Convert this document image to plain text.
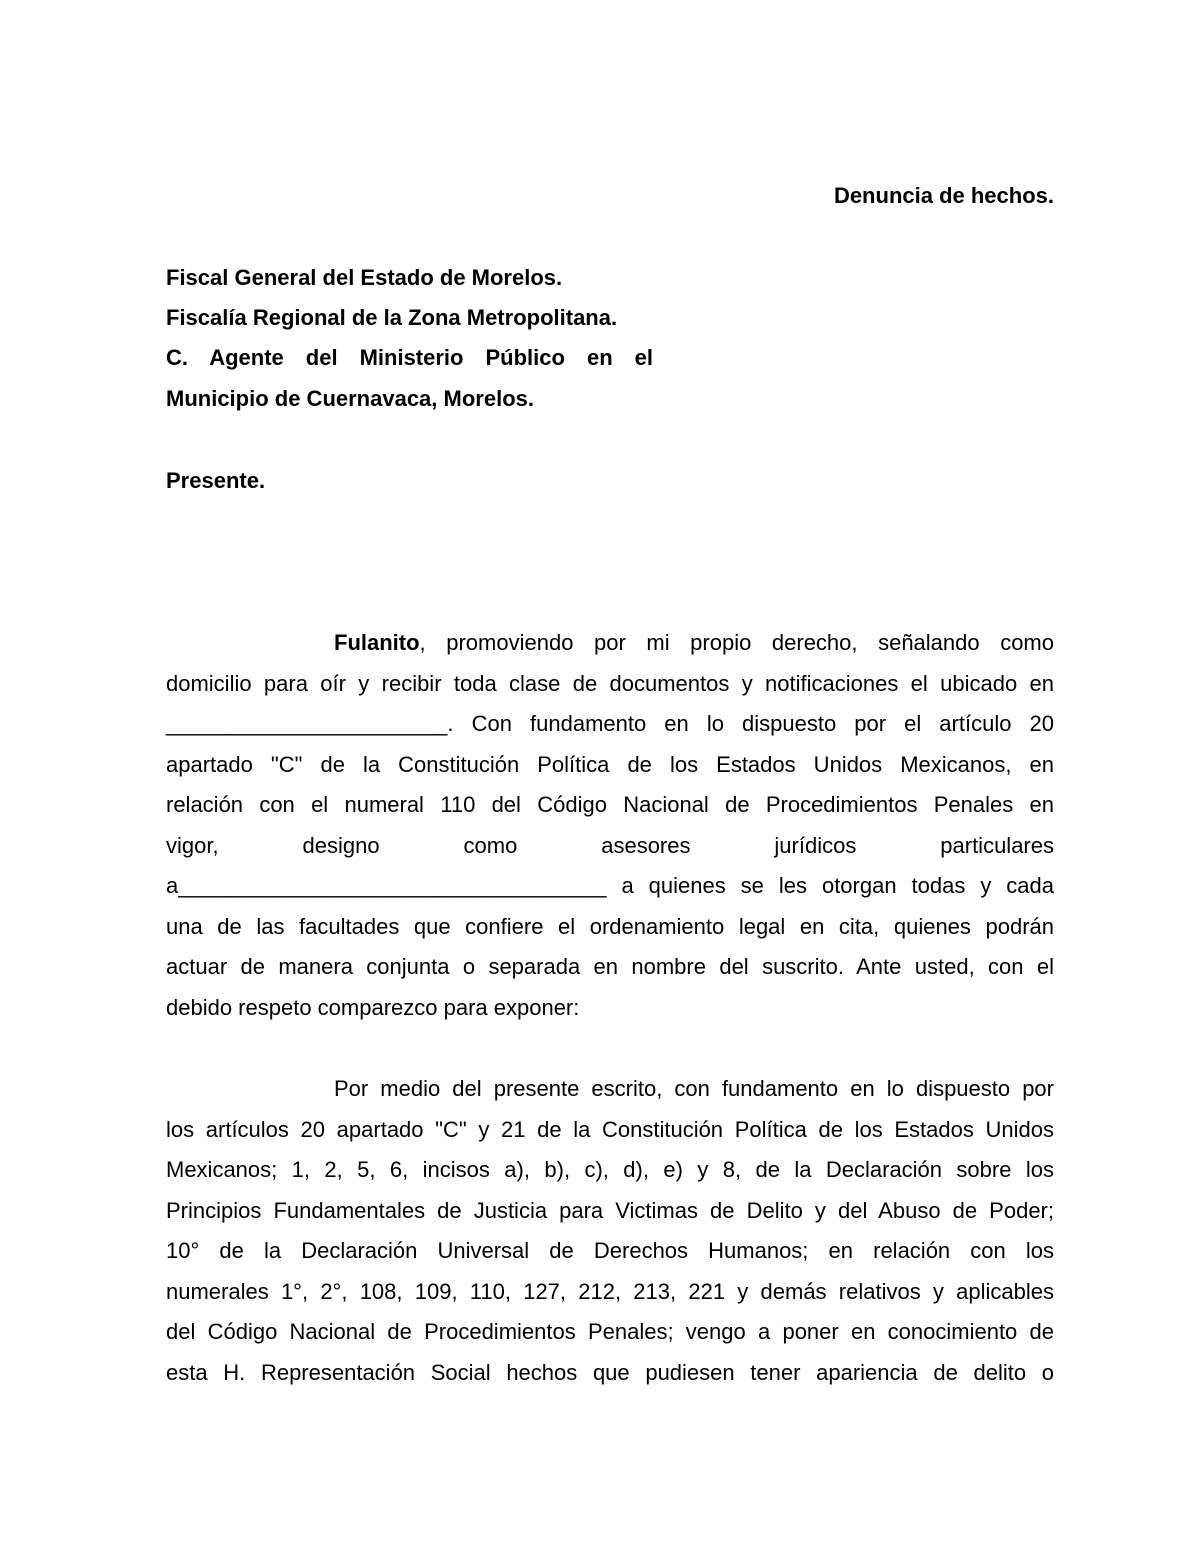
Denuncia de hechos.

Fiscal General del Estado de Morelos.

Fiscalía Regional de la Zona Metropolitana.

C. Agente del Ministerio Público en el

Municipio de Cuernavaca, Morelos.

Presente.

Fulanito, promoviendo por mi propio derecho, señalando como

domicilio para oír y recibir toda clase de documentos y notificaciones el ubicado en

_______________________. Con fundamento en lo dispuesto por el artículo 20

apartado "C" de la Constitución Política de los Estados Unidos Mexicanos, en

relación con el numeral 110 del Código Nacional de Procedimientos Penales en

vigor, designo como asesores jurídicos particulares

a___________________________________ a quienes se les otorgan todas y cada

una de las facultades que confiere el ordenamiento legal en cita, quienes podrán

actuar de manera conjunta o separada en nombre del suscrito. Ante usted, con el

debido respeto comparezco para exponer:

Por medio del presente escrito, con fundamento en lo dispuesto por

los artículos 20 apartado "C" y 21 de la Constitución Política de los Estados Unidos

Mexicanos; 1, 2, 5, 6, incisos a), b), c), d), e) y 8, de la Declaración sobre los

Principios Fundamentales de Justicia para Victimas de Delito y del Abuso de Poder;

10° de la Declaración Universal de Derechos Humanos; en relación con los

numerales 1°, 2°, 108, 109, 110, 127, 212, 213, 221 y demás relativos y aplicables

del Código Nacional de Procedimientos Penales; vengo a poner en conocimiento de

esta H. Representación Social hechos que pudiesen tener apariencia de delito o
